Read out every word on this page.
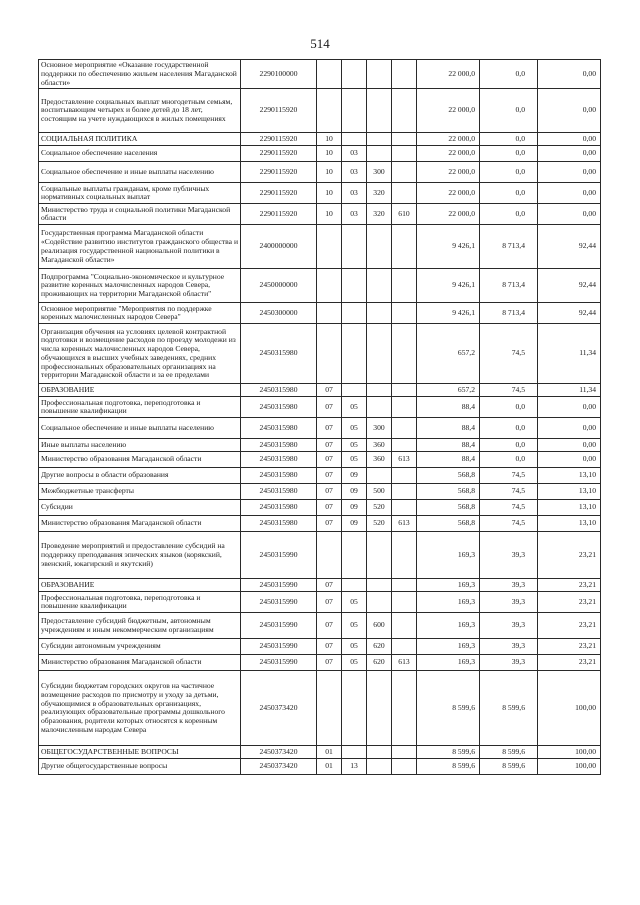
514
Основное мероприятие «Оказание государственной поддержки по обеспечению жильем населения Магаданской области»	2290100000					22 000,0	0,0	0,00
Предоставление социальных выплат многодетным семьям, воспитывающим четырех и более детей до 18 лет, состоящим на учете нуждающихся в жилых помещениях	2290115920					22 000,0	0,0	0,00
СОЦИАЛЬНАЯ ПОЛИТИКА	2290115920	10				22 000,0	0,0	0,00
Социальное обеспечение населения	2290115920	10	03			22 000,0	0,0	0,00
Социальное обеспечение и иные выплаты населению	2290115920	10	03	300		22 000,0	0,0	0,00
Социальные выплаты гражданам, кроме публичных нормативных социальных выплат	2290115920	10	03	320		22 000,0	0,0	0,00
Министерство труда и социальной политики Магаданской области	2290115920	10	03	320	610	22 000,0	0,0	0,00
Государственная программа Магаданской области «Содействие развитию институтов гражданского общества и реализация государственной национальной политики в Магаданской области»	2400000000					9 426,1	8 713,4	92,44
Подпрограмма "Социально-экономическое и культурное развитие коренных малочисленных народов Севера, проживающих на территории Магаданской области"	2450000000					9 426,1	8 713,4	92,44
Основное мероприятие "Мероприятия по поддержке коренных малочисленных народов Севера"	2450300000					9 426,1	8 713,4	92,44
Организация обучения на условиях целевой контрактной подготовки и возмещение расходов по проезду молодежи из числа коренных малочисленных народов Севера, обучающихся в высших учебных заведениях, средних профессиональных образовательных организациях на территории Магаданской области и за ее пределами	2450315980					657,2	74,5	11,34
ОБРАЗОВАНИЕ	2450315980	07				657,2	74,5	11,34
Профессиональная подготовка, переподготовка и повышение квалификации	2450315980	07	05			88,4	0,0	0,00
Социальное обеспечение и иные выплаты населению	2450315980	07	05	300		88,4	0,0	0,00
Иные выплаты населению	2450315980	07	05	360		88,4	0,0	0,00
Министерство образования Магаданской области	2450315980	07	05	360	613	88,4	0,0	0,00
Другие вопросы в области образования	2450315980	07	09			568,8	74,5	13,10
Межбюджетные трансферты	2450315980	07	09	500		568,8	74,5	13,10
Субсидии	2450315980	07	09	520		568,8	74,5	13,10
Министерство образования Магаданской области	2450315980	07	09	520	613	568,8	74,5	13,10
Проведение мероприятий и предоставление субсидий на поддержку преподавания эпических языков (корякский, эвенский, юкагирский и якутский)	2450315990					169,3	39,3	23,21
ОБРАЗОВАНИЕ	2450315990	07				169,3	39,3	23,21
Профессиональная подготовка, переподготовка и повышение квалификации	2450315990	07	05			169,3	39,3	23,21
Предоставление субсидий бюджетным, автономным учреждениям и иным некоммерческим организациям	2450315990	07	05	600		169,3	39,3	23,21
Субсидии автономным учреждениям	2450315990	07	05	620		169,3	39,3	23,21
Министерство образования Магаданской области	2450315990	07	05	620	613	169,3	39,3	23,21
Субсидии бюджетам городских округов на частичное возмещение расходов по присмотру и уходу за детьми, обучающимися в образовательных организациях, реализующих образовательные программы дошкольного образования, родители которых относятся к коренным малочисленным народам Севера	2450373420					8 599,6	8 599,6	100,00
ОБЩЕГОСУДАРСТВЕННЫЕ ВОПРОСЫ	2450373420	01				8 599,6	8 599,6	100,00
Другие общегосударственные вопросы	2450373420	01	13			8 599,6	8 599,6	100,00
